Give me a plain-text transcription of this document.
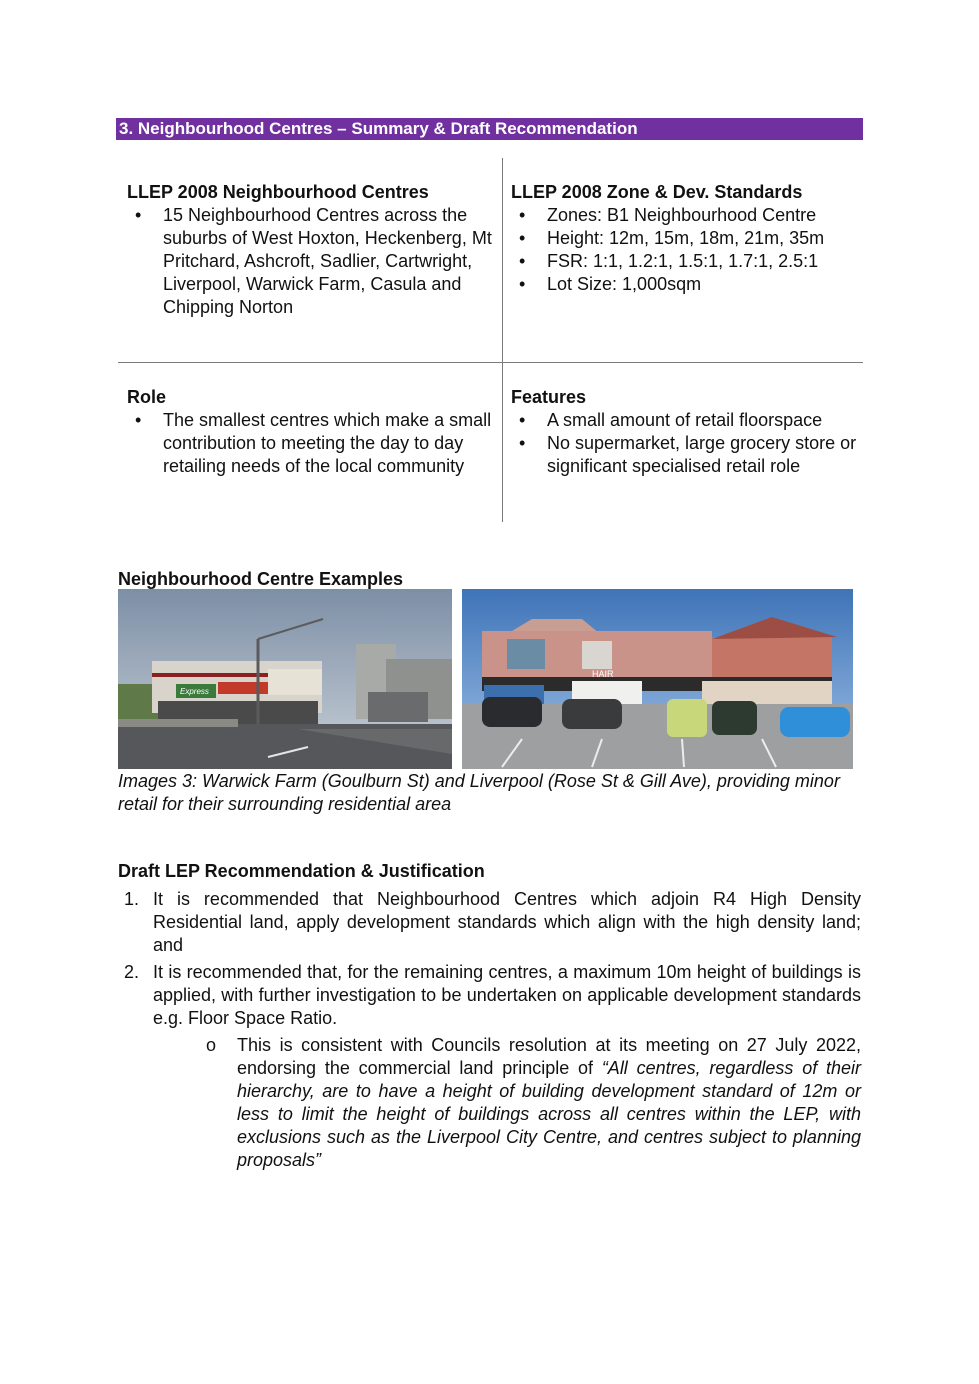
3. Neighbourhood Centres – Summary & Draft Recommendation
LLEP 2008 Neighbourhood Centres
• 15 Neighbourhood Centres across the suburbs of West Hoxton, Heckenberg, Mt Pritchard, Ashcroft, Sadlier, Cartwright, Liverpool, Warwick Farm, Casula and Chipping Norton
LLEP 2008 Zone & Dev. Standards
• Zones: B1 Neighbourhood Centre
• Height: 12m, 15m, 18m, 21m, 35m
• FSR: 1:1, 1.2:1, 1.5:1, 1.7:1, 2.5:1
• Lot Size: 1,000sqm
Role
• The smallest centres which make a small contribution to meeting the day to day retailing needs of the local community
Features
• A small amount of retail floorspace
• No supermarket, large grocery store or significant specialised retail role
Neighbourhood Centre Examples
Express
HAIR
Images 3: Warwick Farm (Goulburn St) and Liverpool (Rose St & Gill Ave), providing minor retail for their surrounding residential area
Draft LEP Recommendation & Justification
1. It is recommended that Neighbourhood Centres which adjoin R4 High Density Residential land, apply development standards which align with the high density land; and
2. It is recommended that, for the remaining centres, a maximum 10m height of buildings is applied, with further investigation to be undertaken on applicable development standards e.g. Floor Space Ratio.
o This is consistent with Councils resolution at its meeting on 27 July 2022, endorsing the commercial land principle of “All centres, regardless of their hierarchy, are to have a height of building development standard of 12m or less to limit the height of buildings across all centres within the LEP, with exclusions such as the Liverpool City Centre, and centres subject to planning proposals”
